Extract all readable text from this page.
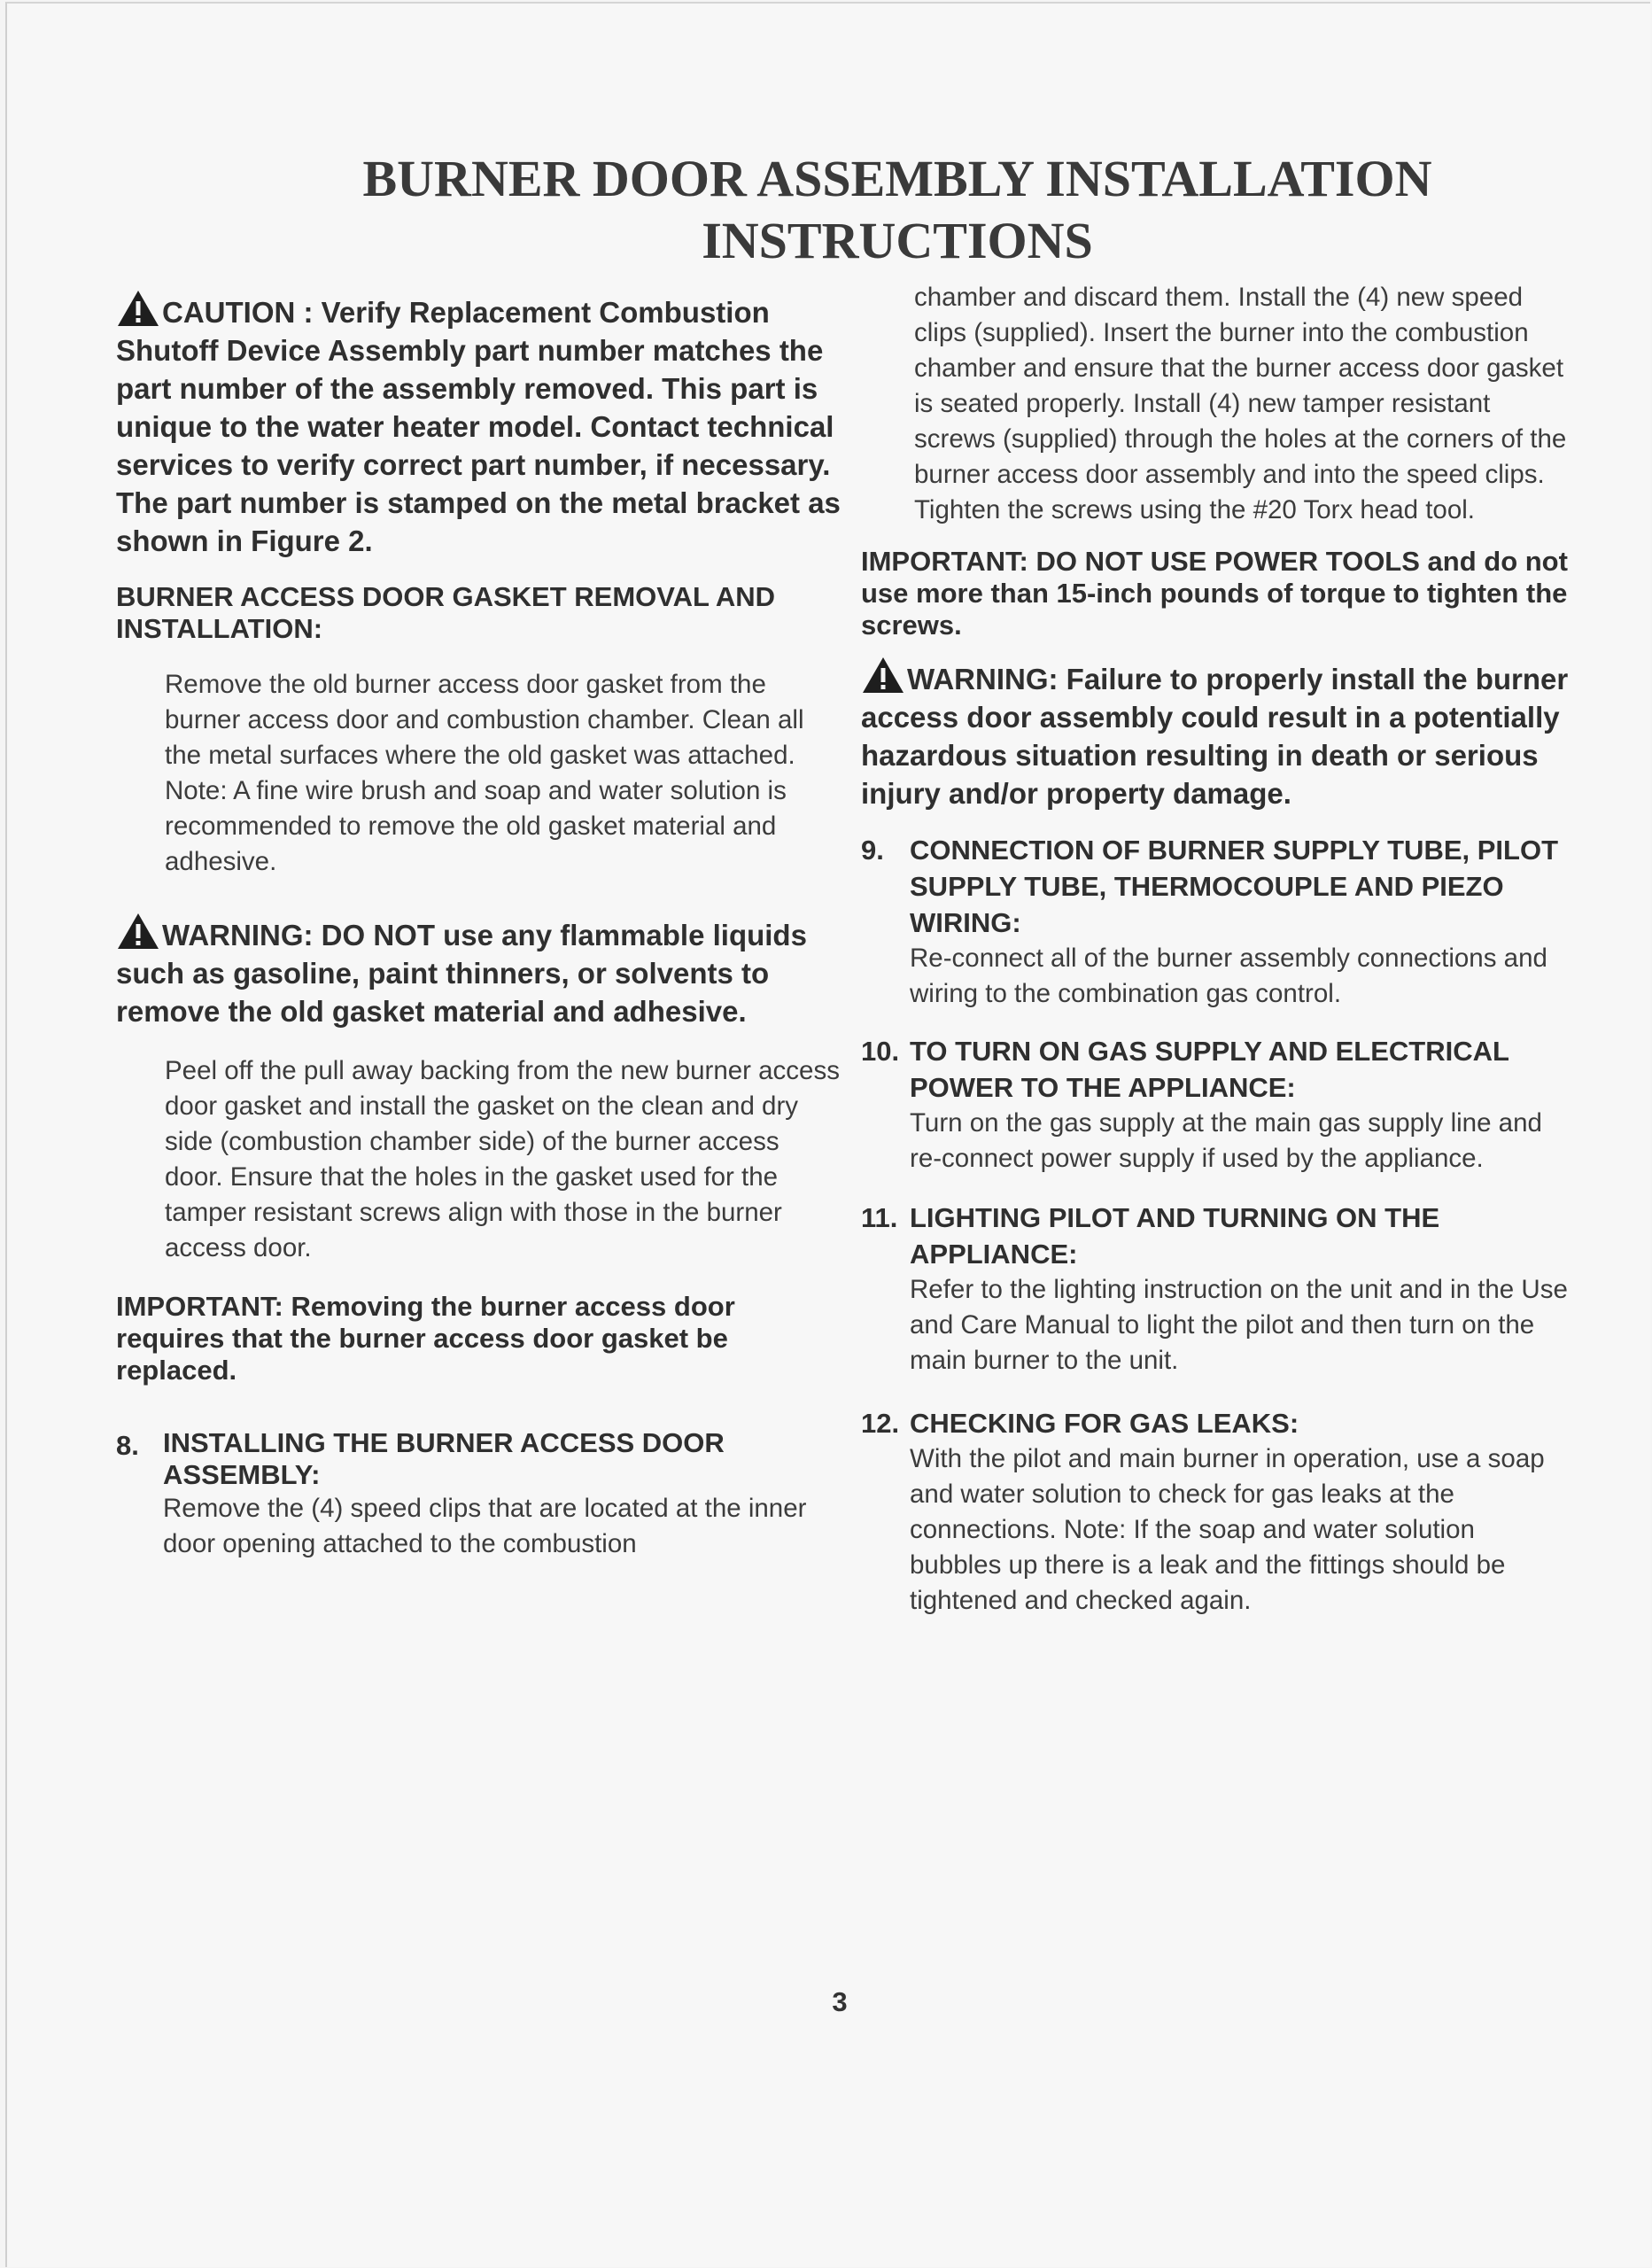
BURNER DOOR ASSEMBLY INSTALLATION
INSTRUCTIONS

CAUTION : Verify Replacement Combustion Shutoff Device Assembly part number matches the part number of the assembly removed. This part is unique to the water heater model. Contact technical services to verify correct part number, if necessary. The part number is stamped on the metal bracket as shown in Figure 2.

BURNER ACCESS DOOR GASKET REMOVAL AND INSTALLATION:

Remove the old burner access door gasket from the burner access door and combustion chamber. Clean all the metal surfaces where the old gasket was attached. Note: A fine wire brush and soap and water solution is recommended to remove the old gasket material and adhesive.

WARNING: DO NOT use any flammable liquids such as gasoline, paint thinners, or solvents to remove the old gasket material and adhesive.

Peel off the pull away backing from the new burner access door gasket and install the gasket on the clean and dry side (combustion chamber side) of the burner access door. Ensure that the holes in the gasket used for the tamper resistant screws align with those in the burner access door.

IMPORTANT: Removing the burner access door requires that the burner access door gasket be replaced.

8. INSTALLING THE BURNER ACCESS DOOR ASSEMBLY:

Remove the (4) speed clips that are located at the inner door opening attached to the combustion

chamber and discard them. Install the (4) new speed clips (supplied). Insert the burner into the combustion chamber and ensure that the burner access door gasket is seated properly. Install (4) new tamper resistant screws (supplied) through the holes at the corners of the burner access door assembly and into the speed clips. Tighten the screws using the #20 Torx head tool.

IMPORTANT: DO NOT USE POWER TOOLS and do not use more than 15-inch pounds of torque to tighten the screws.

WARNING: Failure to properly install the burner access door assembly could result in a potentially hazardous situation resulting in death or serious injury and/or property damage.

9. CONNECTION OF BURNER SUPPLY TUBE, PILOT SUPPLY TUBE, THERMOCOUPLE AND PIEZO WIRING:

Re-connect all of the burner assembly connections and wiring to the combination gas control.

10. TO TURN ON GAS SUPPLY AND ELECTRICAL POWER TO THE APPLIANCE:

Turn on the gas supply at the main gas supply line and re-connect power supply if used by the appliance.

11. LIGHTING PILOT AND TURNING ON THE APPLIANCE:

Refer to the lighting instruction on the unit and in the Use and Care Manual to light the pilot and then turn on the main burner to the unit.

12. CHECKING FOR GAS LEAKS:

With the pilot and main burner in operation, use a soap and water solution to check for gas leaks at the connections. Note: If the soap and water solution bubbles up there is a leak and the fittings should be tightened and checked again.

3
